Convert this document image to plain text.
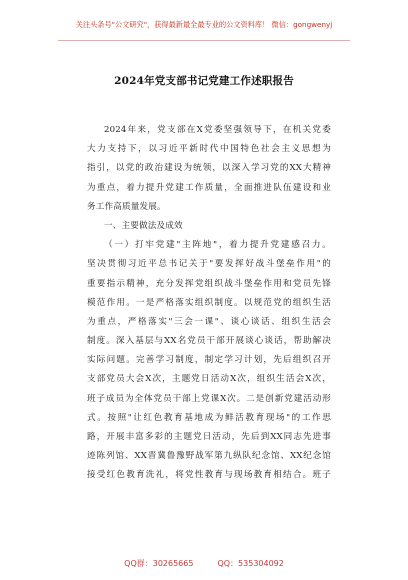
关注头条号"公文研究"，获得最新最全最专业的公文资料库！ 微信：gongwenyj
2024年党支部书记党建工作述职报告
2024年来，党支部在X党委坚强领导下，在机关党委
大力支持下，以习近平新时代中国特色社会主义思想为
指引，以党的政治建设为统领，以深入学习党的XX大精神
为重点，着力提升党建工作质量，全面推进队伍建设和业
务工作高质量发展。
一、主要做法及成效
（一）打牢党建"主阵地"，着力提升党建感召力。
坚决贯彻习近平总书记关于"要发挥好战斗堡垒作用"的
重要指示精神，充分发挥党组织战斗堡垒作用和党员先锋
模范作用。一是严格落实组织制度。以规范党的组织生活
为重点，严格落实"三会一课"、谈心谈话、组织生活会
制度。深入基层与XX名党员干部开展谈心谈话，帮助解决
实际问题。完善学习制度，制定学习计划，先后组织召开
支部党员大会X次，主题党日活动X次，组织生活会X次，
班子成员为全体党员干部上党课X次。二是创新党建活动形
式。按照"让红色教育基地成为鲜活教育现场"的工作思
路，开展丰富多彩的主题党日活动，先后到XX同志先进事
迹陈列馆、XX晋冀鲁豫野战军第九纵队纪念馆、XX纪念馆
接受红色教育洗礼，将党性教育与现场教育相结合。班子
QQ群：30265665	QQ：535304092
